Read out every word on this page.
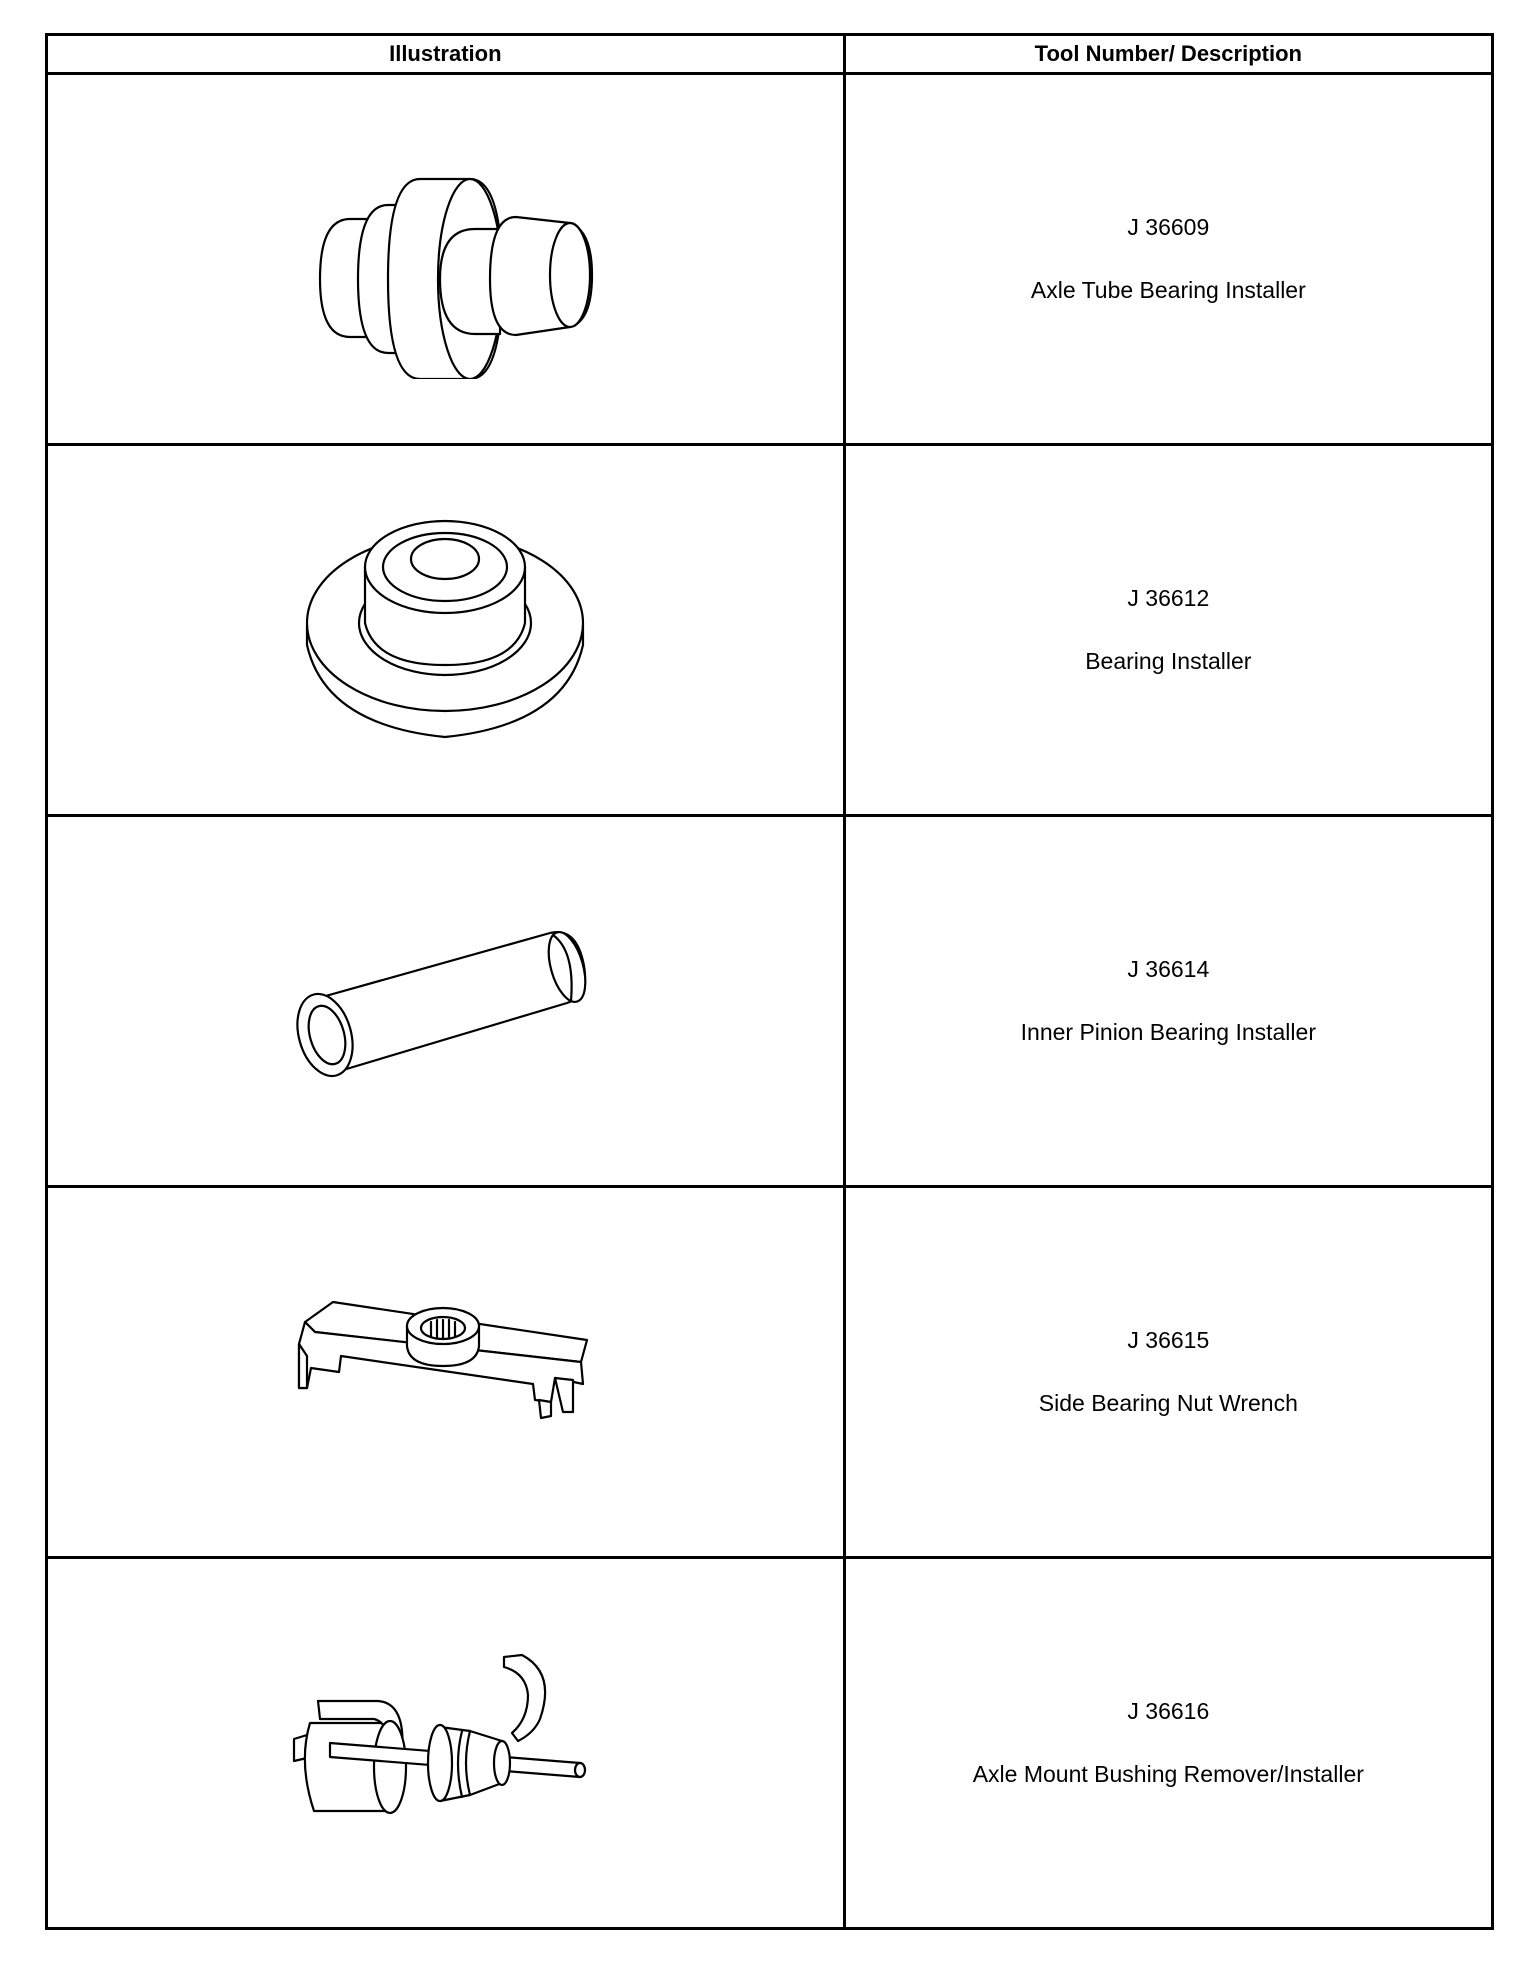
Illustration	Tool Number/ Description

J 36609
Axle Tube Bearing Installer

J 36612
Bearing Installer

J 36614
Inner Pinion Bearing Installer

J 36615
Side Bearing Nut Wrench

J 36616
Axle Mount Bushing Remover/Installer
